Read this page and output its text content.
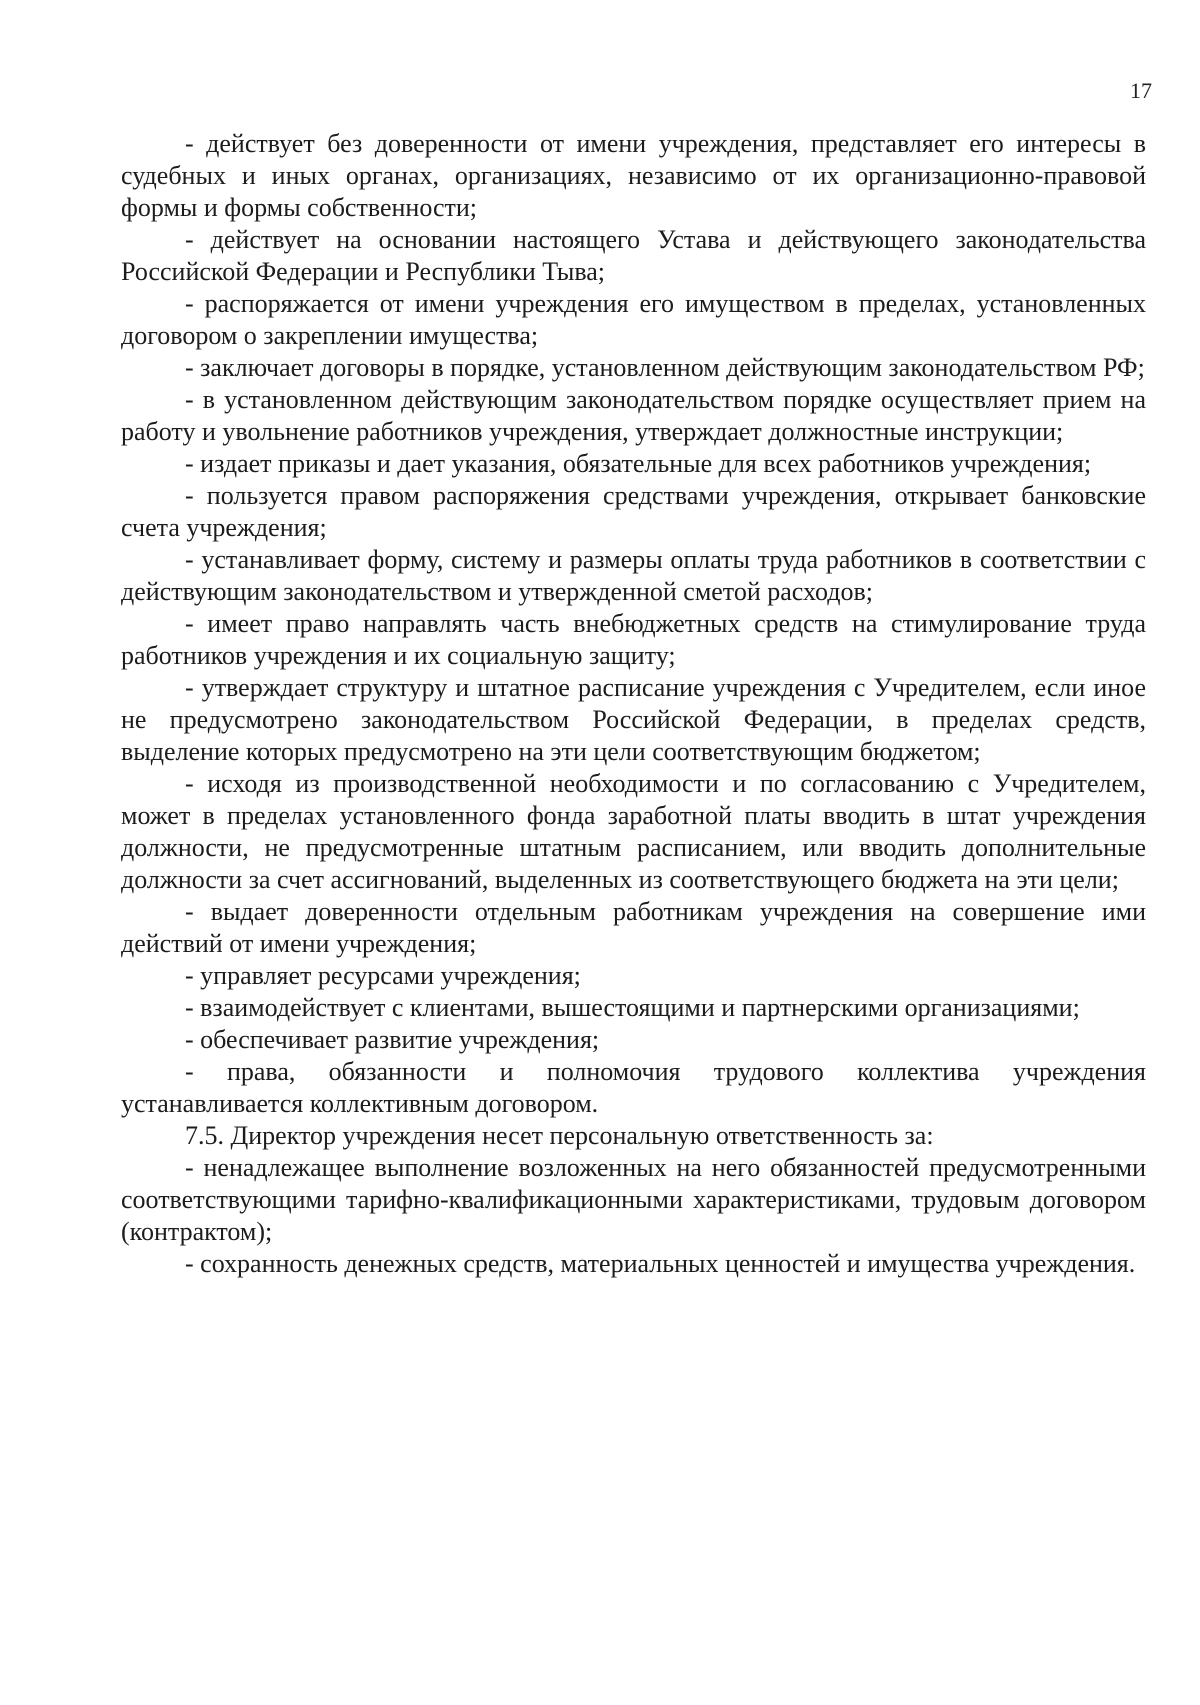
17

- действует без доверенности от имени учреждения, представляет его интересы в судебных и иных органах, организациях, независимо от их организационно-правовой формы и формы собственности;

- действует на основании настоящего Устава и действующего законодательства Российской Федерации и Республики Тыва;

- распоряжается от имени учреждения его имуществом в пределах, установленных договором о закреплении имущества;

- заключает договоры в порядке, установленном действующим законодательством РФ;

- в установленном действующим законодательством порядке осуществляет прием на работу и увольнение работников учреждения, утверждает должностные инструкции;

- издает приказы и дает указания, обязательные для всех работников учреждения;

- пользуется правом распоряжения средствами учреждения, открывает банковские счета учреждения;

- устанавливает форму, систему и размеры оплаты труда работников в соответствии с действующим законодательством и утвержденной сметой расходов;

- имеет право направлять часть внебюджетных средств на стимулирование труда работников учреждения и их социальную защиту;

- утверждает структуру и штатное расписание учреждения с Учредителем, если иное не предусмотрено законодательством Российской Федерации, в пределах средств, выделение которых предусмотрено на эти цели соответствующим бюджетом;

- исходя из производственной необходимости и по согласованию с Учредителем, может в пределах установленного фонда заработной платы вводить в штат учреждения должности, не предусмотренные штатным расписанием, или вводить дополнительные должности за счет ассигнований, выделенных из соответствующего бюджета на эти цели;

- выдает доверенности отдельным работникам учреждения на совершение ими действий от имени учреждения;

- управляет ресурсами учреждения;

- взаимодействует с клиентами, вышестоящими и партнерскими организациями;

- обеспечивает развитие учреждения;

- права, обязанности и полномочия трудового коллектива учреждения устанавливается коллективным договором.

7.5. Директор учреждения несет персональную ответственность за:

- ненадлежащее выполнение возложенных на него обязанностей предусмотренными соответствующими тарифно-квалификационными характеристиками, трудовым договором (контрактом);

- сохранность денежных средств, материальных ценностей и имущества учреждения.
